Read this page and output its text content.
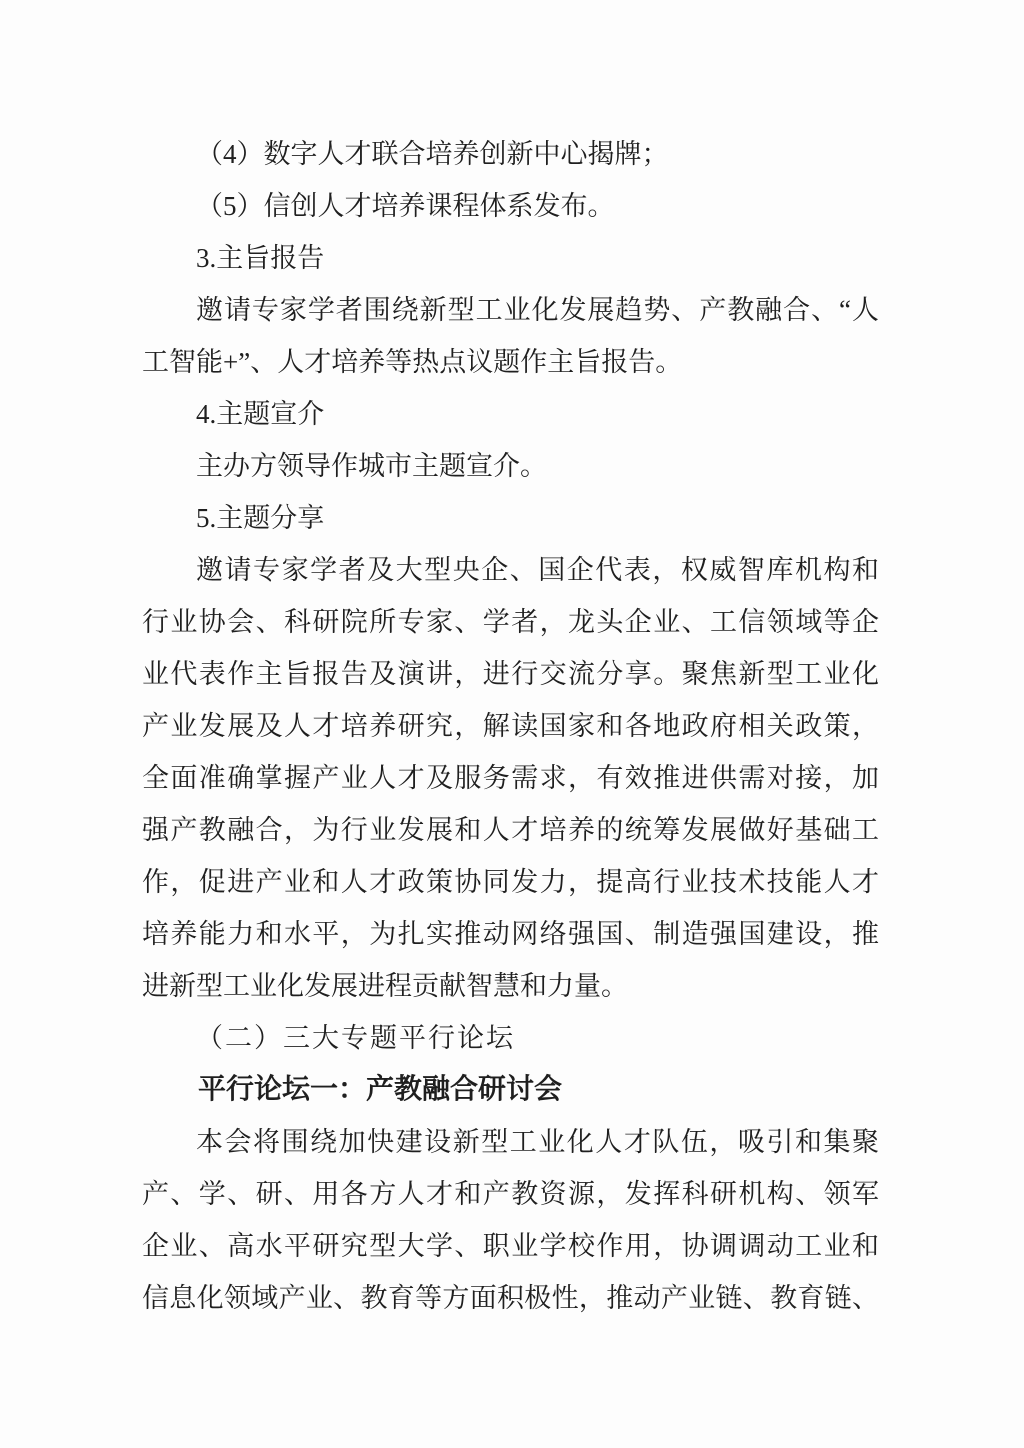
（4）数字人才联合培养创新中心揭牌；
（5）信创人才培养课程体系发布。
3.主旨报告
邀请专家学者围绕新型工业化发展趋势、产教融合、“人
工智能+”、人才培养等热点议题作主旨报告。
4.主题宣介
主办方领导作城市主题宣介。
5.主题分享
邀请专家学者及大型央企、国企代表，权威智库机构和
行业协会、科研院所专家、学者，龙头企业、工信领域等企
业代表作主旨报告及演讲，进行交流分享。聚焦新型工业化
产业发展及人才培养研究，解读国家和各地政府相关政策，
全面准确掌握产业人才及服务需求，有效推进供需对接，加
强产教融合，为行业发展和人才培养的统筹发展做好基础工
作，促进产业和人才政策协同发力，提高行业技术技能人才
培养能力和水平，为扎实推动网络强国、制造强国建设，推
进新型工业化发展进程贡献智慧和力量。
（二）三大专题平行论坛
平行论坛一：产教融合研讨会
本会将围绕加快建设新型工业化人才队伍，吸引和集聚
产、学、研、用各方人才和产教资源，发挥科研机构、领军
企业、高水平研究型大学、职业学校作用，协调调动工业和
信息化领域产业、教育等方面积极性，推动产业链、教育链、
